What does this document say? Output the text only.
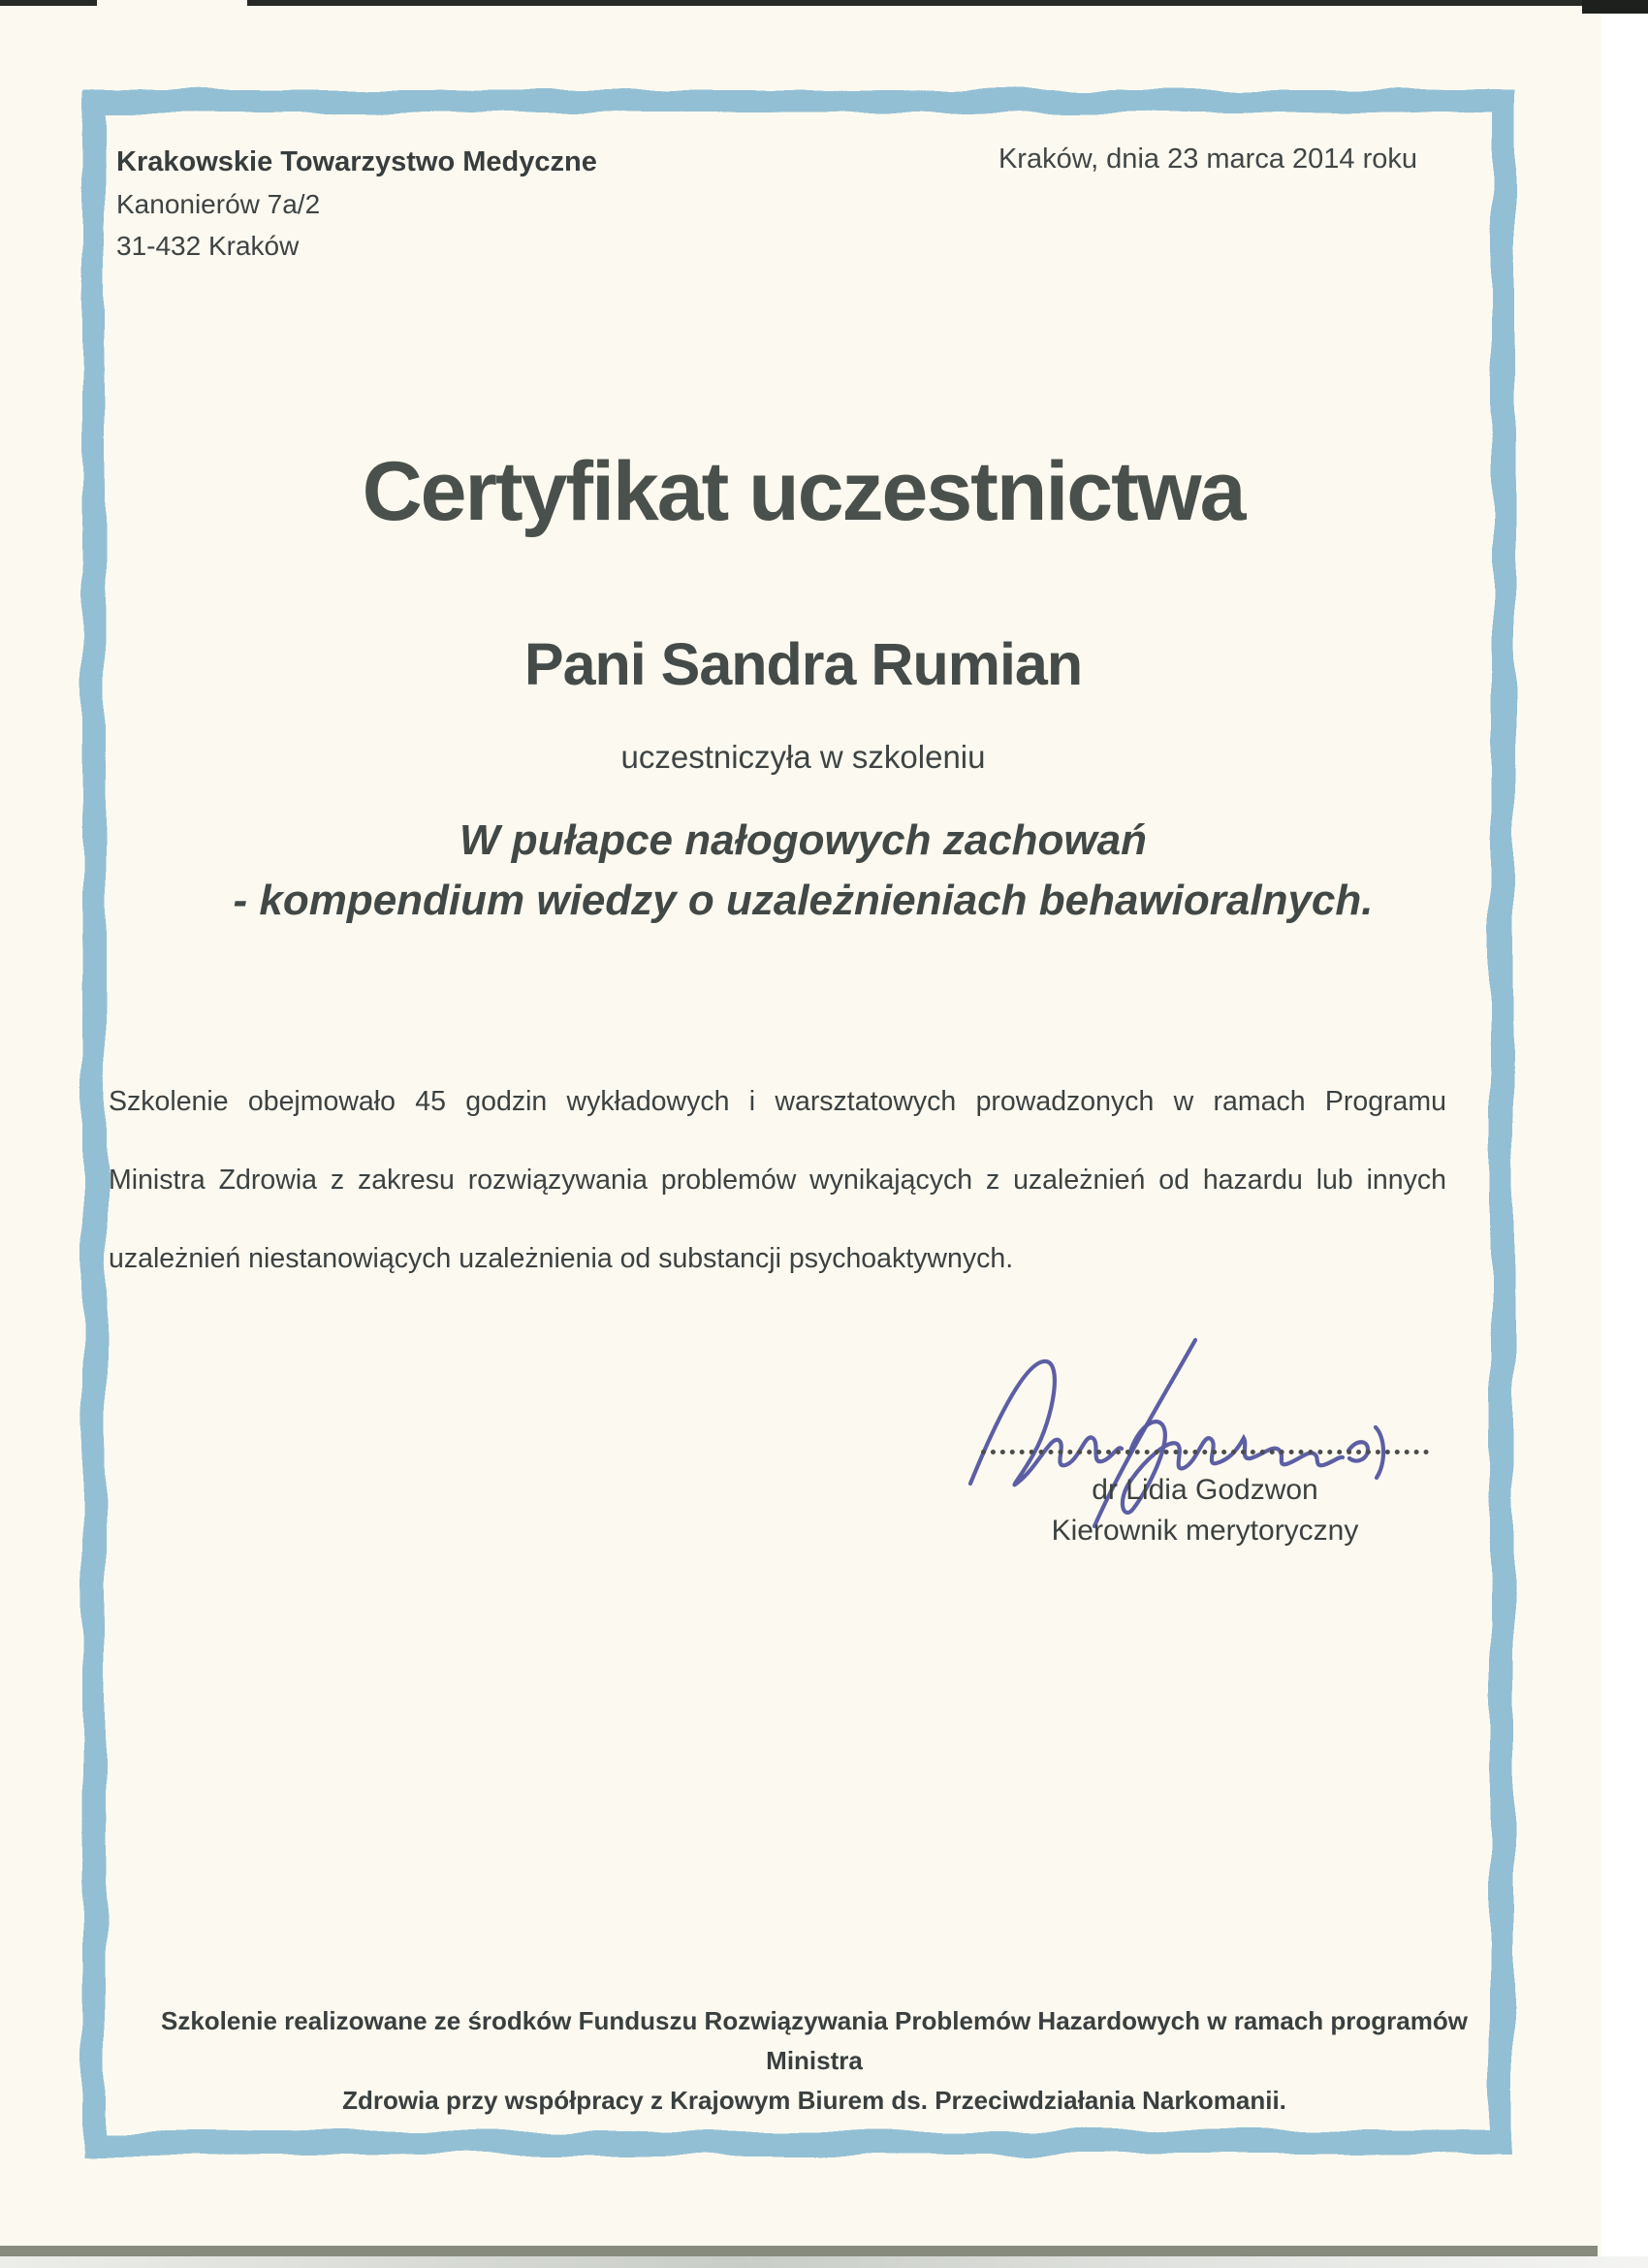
Krakowskie Towarzystwo Medyczne
Kanonierów 7a/2
31-432 Kraków
Kraków, dnia 23 marca 2014 roku
Certyfikat uczestnictwa
Pani Sandra Rumian
uczestniczyła w szkoleniu
W pułapce nałogowych zachowań
- kompendium wiedzy o uzależnieniach behawioralnych.
Szkolenie obejmowało 45 godzin wykładowych i warsztatowych prowadzonych w ramach Programu
Ministra Zdrowia z zakresu rozwiązywania problemów wynikających z uzależnień od hazardu lub innych
uzależnień niestanowiących uzależnienia od substancji psychoaktywnych.
dr Lidia Godzwon
Kierownik merytoryczny
Szkolenie realizowane ze środków Funduszu Rozwiązywania Problemów Hazardowych w ramach programów Ministra
Zdrowia przy współpracy z Krajowym Biurem ds. Przeciwdziałania Narkomanii.
